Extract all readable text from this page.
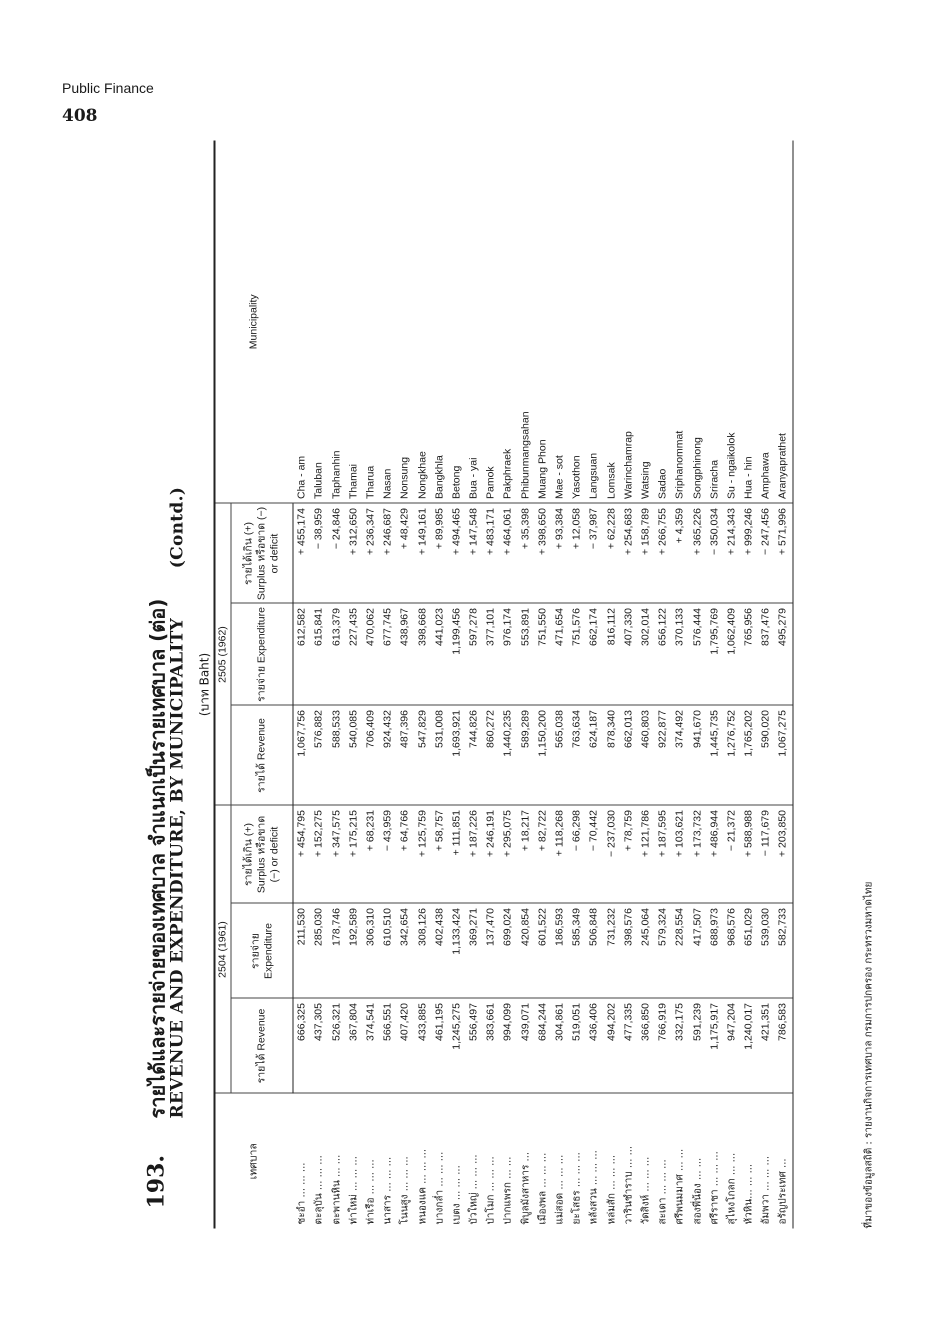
Public Finance
408
193.
รายได้และรายจ่ายของเทศบาล จำแนกเป็นรายเทศบาล (ต่อ)
REVENUE AND EXPENDITURE, BY MUNICIPALITY        (Contd.)
(บาท Baht)
เทศบาล	2504 (1961)			2505 (1962)			Municipality
	รายได้ Revenue	รายจ่าย Expenditure	รายได้เกิน (+) Surplus หรือขาด (−) or deficit	รายได้ Revenue	รายจ่าย Expenditure	รายได้เกิน (+) Surplus หรือขาด (−) or deficit	
ชะอำ ... ... ...	666,325	211,530	+ 454,795	1,067,756	612,582	+ 455,174	Cha - am
ตะลุบัน ... ... ...	437,305	285,030	+ 152,275	576,882	615,841	− 38,959	Taluban
ตะพานหิน ... ...	526,321	178,746	+ 347,575	588,533	613,379	− 24,846	Taphanhin
ท่าใหม่ ... ... ...	367,804	192,589	+ 175,215	540,085	227,435	+ 312,650	Thamai
ท่าเรือ ... ... ...	374,541	306,310	+ 68,231	706,409	470,062	+ 236,347	Tharua
นาสาร ... ... ...	566,551	610,510	− 43,959	924,432	677,745	+ 246,687	Nasan
โนนสูง ... ... ...	407,420	342,654	+ 64,766	487,396	438,967	+ 48,429	Nonsung
หนองแค ... ... ...	433,885	308,126	+ 125,759	547,829	398,668	+ 149,161	Nongkhae
บางกล่ำ ... ... ...	461,195	402,438	+ 58,757	531,008	441,023	+ 89,985	Bangkhla
เบตง ... ... ...	1,245,275	1,133,424	+ 111,851	1,693,921	1,199,456	+ 494,465	Betong
บัวใหญ่ ... ... ...	556,497	369,271	+ 187,226	744,826	597,278	+ 147,548	Bua - yai
ป่าโมก ... ... ...	383,661	137,470	+ 246,191	860,272	377,101	+ 483,171	Pamok
ปากแพรก ... ...	994,099	699,024	+ 295,075	1,440,235	976,174	+ 464,061	Pakphraek
พิบูลมังสาหาร ...	439,071	420,854	+ 18,217	589,289	553,891	+ 35,398	Phibunmangsahan
เมืองพล ... ... ...	684,244	601,522	+ 82,722	1,150,200	751,550	+ 398,650	Muang Phon
แม่สอด ... ... ...	304,861	186,593	+ 118,268	565,038	471,654	+ 93,384	Mae - sot
ยะโสธร ... ... ...	519,051	585,349	− 66,298	763,634	751,576	+ 12,058	Yasothon
หลังสวน ... ... ...	436,406	506,848	− 70,442	624,187	662,174	− 37,987	Langsuan
หล่มสัก ... ... ...	494,202	731,232	− 237,030	878,340	816,112	+ 62,228	Lomsak
วารินชำราบ ... ...	477,335	398,576	+ 78,759	662,013	407,330	+ 254,683	Warinchamrap
วัดสิงห์ ... ... ...	366,850	245,064	+ 121,786	460,803	302,014	+ 158,789	Watsing
สะเดา ... ... ...	766,919	579,324	+ 187,595	922,877	656,122	+ 266,755	Sadao
ศรีพนมมาศ ... ...	332,175	228,554	+ 103,621	374,492	370,133	+ 4,359	Sriphanommat
สองพี่น้อง ... ...	591,239	417,507	+ 173,732	941,670	576,444	+ 365,226	Songphinong
ศรีราชา ... ... ...	1,175,917	688,973	+ 486,944	1,445,735	1,795,769	− 350,034	Sriracha
สุไหงโกลก ... ...	947,204	968,576	− 21,372	1,276,752	1,062,409	+ 214,343	Su - ngaikolok
หัวหิน... ... ...	1,240,017	651,029	+ 588,988	1,765,202	765,956	+ 999,246	Hua - hin
อัมพวา ... ... ...	421,351	539,030	− 117,679	590,020	837,476	− 247,456	Amphawa
อรัญประเทศ ...	786,583	582,733	+ 203,850	1,067,275	495,279	+ 571,996	Aranyaprathet
ที่มาของข้อมูลสถิติ : รายงานกิจการเทศบาล กรมการปกครอง กระทรวงมหาดไทย
